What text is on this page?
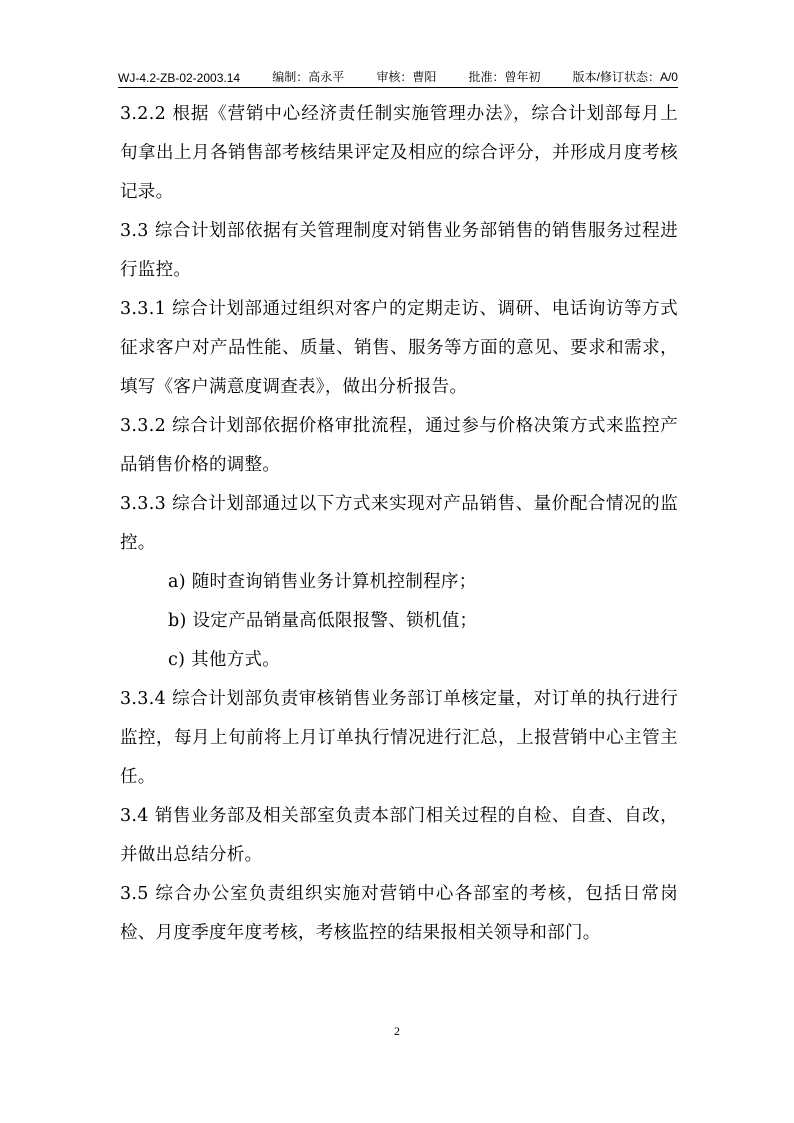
WJ-4.2-ZB-02-2003.14	编制：高永平	审核：曹阳	批准：曾年初	版本/修订状态：A/0

3.2.2 根据《营销中心经济责任制实施管理办法》，综合计划部每月上旬拿出上月各销售部考核结果评定及相应的综合评分，并形成月度考核记录。

3.3 综合计划部依据有关管理制度对销售业务部销售的销售服务过程进行监控。

3.3.1 综合计划部通过组织对客户的定期走访、调研、电话询访等方式征求客户对产品性能、质量、销售、服务等方面的意见、要求和需求，填写《客户满意度调查表》，做出分析报告。

3.3.2 综合计划部依据价格审批流程，通过参与价格决策方式来监控产品销售价格的调整。

3.3.3 综合计划部通过以下方式来实现对产品销售、量价配合情况的监控。

a) 随时查询销售业务计算机控制程序；

b) 设定产品销量高低限报警、锁机值；

c) 其他方式。

3.3.4 综合计划部负责审核销售业务部订单核定量，对订单的执行进行监控，每月上旬前将上月订单执行情况进行汇总，上报营销中心主管主任。

3.4 销售业务部及相关部室负责本部门相关过程的自检、自查、自改，并做出总结分析。

3.5 综合办公室负责组织实施对营销中心各部室的考核，包括日常岗检、月度季度年度考核，考核监控的结果报相关领导和部门。

2
